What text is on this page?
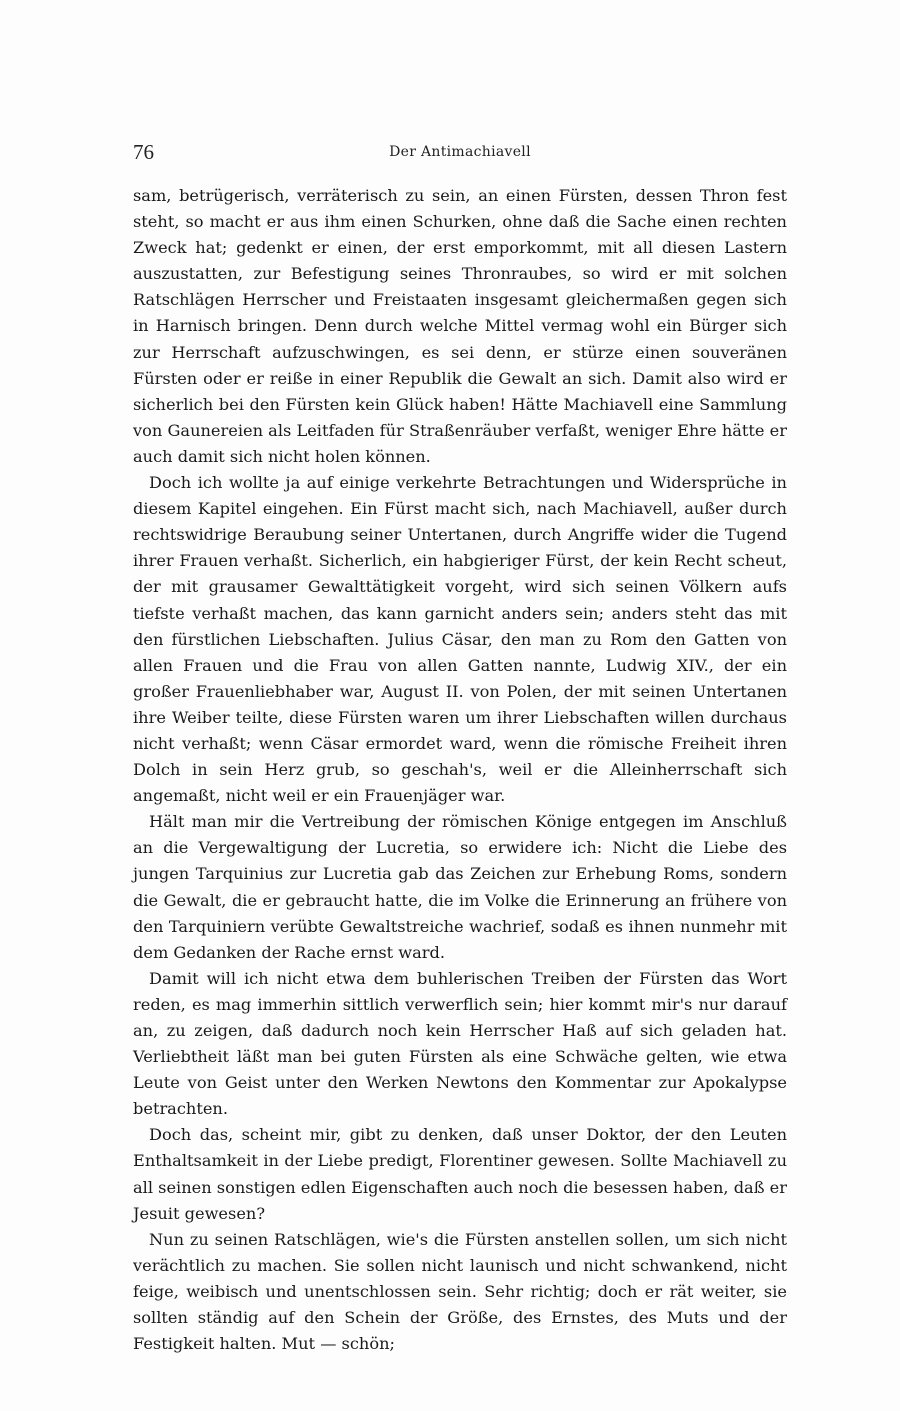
76	Der Antimachiavell

sam, betrügerisch, verräterisch zu sein, an einen Fürsten, dessen Thron fest steht, so macht er aus ihm einen Schurken, ohne daß die Sache einen rechten Zweck hat; gedenkt er einen, der erst emporkommt, mit all diesen Lastern auszustatten, zur Befestigung seines Thronraubes, so wird er mit solchen Ratschlägen Herrscher und Freistaaten insgesamt gleichermaßen gegen sich in Harnisch bringen. Denn durch welche Mittel vermag wohl ein Bürger sich zur Herrschaft aufzuschwingen, es sei denn, er stürze einen souveränen Fürsten oder er reiße in einer Republik die Gewalt an sich. Damit also wird er sicherlich bei den Fürsten kein Glück haben! Hätte Machiavell eine Sammlung von Gaunereien als Leitfaden für Straßenräuber verfaßt, weniger Ehre hätte er auch damit sich nicht holen können.

Doch ich wollte ja auf einige verkehrte Betrachtungen und Widersprüche in diesem Kapitel eingehen. Ein Fürst macht sich, nach Machiavell, außer durch rechtswidrige Beraubung seiner Untertanen, durch Angriffe wider die Tugend ihrer Frauen verhaßt. Sicherlich, ein habgieriger Fürst, der kein Recht scheut, der mit grausamer Gewalttätigkeit vorgeht, wird sich seinen Völkern aufs tiefste verhaßt machen, das kann garnicht anders sein; anders steht das mit den fürstlichen Liebschaften. Julius Cäsar, den man zu Rom den Gatten von allen Frauen und die Frau von allen Gatten nannte, Ludwig XIV., der ein großer Frauenliebhaber war, August II. von Polen, der mit seinen Untertanen ihre Weiber teilte, diese Fürsten waren um ihrer Liebschaften willen durchaus nicht verhaßt; wenn Cäsar ermordet ward, wenn die römische Freiheit ihren Dolch in sein Herz grub, so geschah's, weil er die Alleinherrschaft sich angemaßt, nicht weil er ein Frauenjäger war.

Hält man mir die Vertreibung der römischen Könige entgegen im Anschluß an die Vergewaltigung der Lucretia, so erwidere ich: Nicht die Liebe des jungen Tarquinius zur Lucretia gab das Zeichen zur Erhebung Roms, sondern die Gewalt, die er gebraucht hatte, die im Volke die Erinnerung an frühere von den Tarquiniern verübte Gewaltstreiche wachrief, sodaß es ihnen nunmehr mit dem Gedanken der Rache ernst ward.

Damit will ich nicht etwa dem buhlerischen Treiben der Fürsten das Wort reden, es mag immerhin sittlich verwerflich sein; hier kommt mir's nur darauf an, zu zeigen, daß dadurch noch kein Herrscher Haß auf sich geladen hat. Verliebtheit läßt man bei guten Fürsten als eine Schwäche gelten, wie etwa Leute von Geist unter den Werken Newtons den Kommentar zur Apokalypse betrachten.

Doch das, scheint mir, gibt zu denken, daß unser Doktor, der den Leuten Enthaltsamkeit in der Liebe predigt, Florentiner gewesen. Sollte Machiavell zu all seinen sonstigen edlen Eigenschaften auch noch die besessen haben, daß er Jesuit gewesen?

Nun zu seinen Ratschlägen, wie's die Fürsten anstellen sollen, um sich nicht verächtlich zu machen. Sie sollen nicht launisch und nicht schwankend, nicht feige, weibisch und unentschlossen sein. Sehr richtig; doch er rät weiter, sie sollten ständig auf den Schein der Größe, des Ernstes, des Muts und der Festigkeit halten. Mut — schön;
